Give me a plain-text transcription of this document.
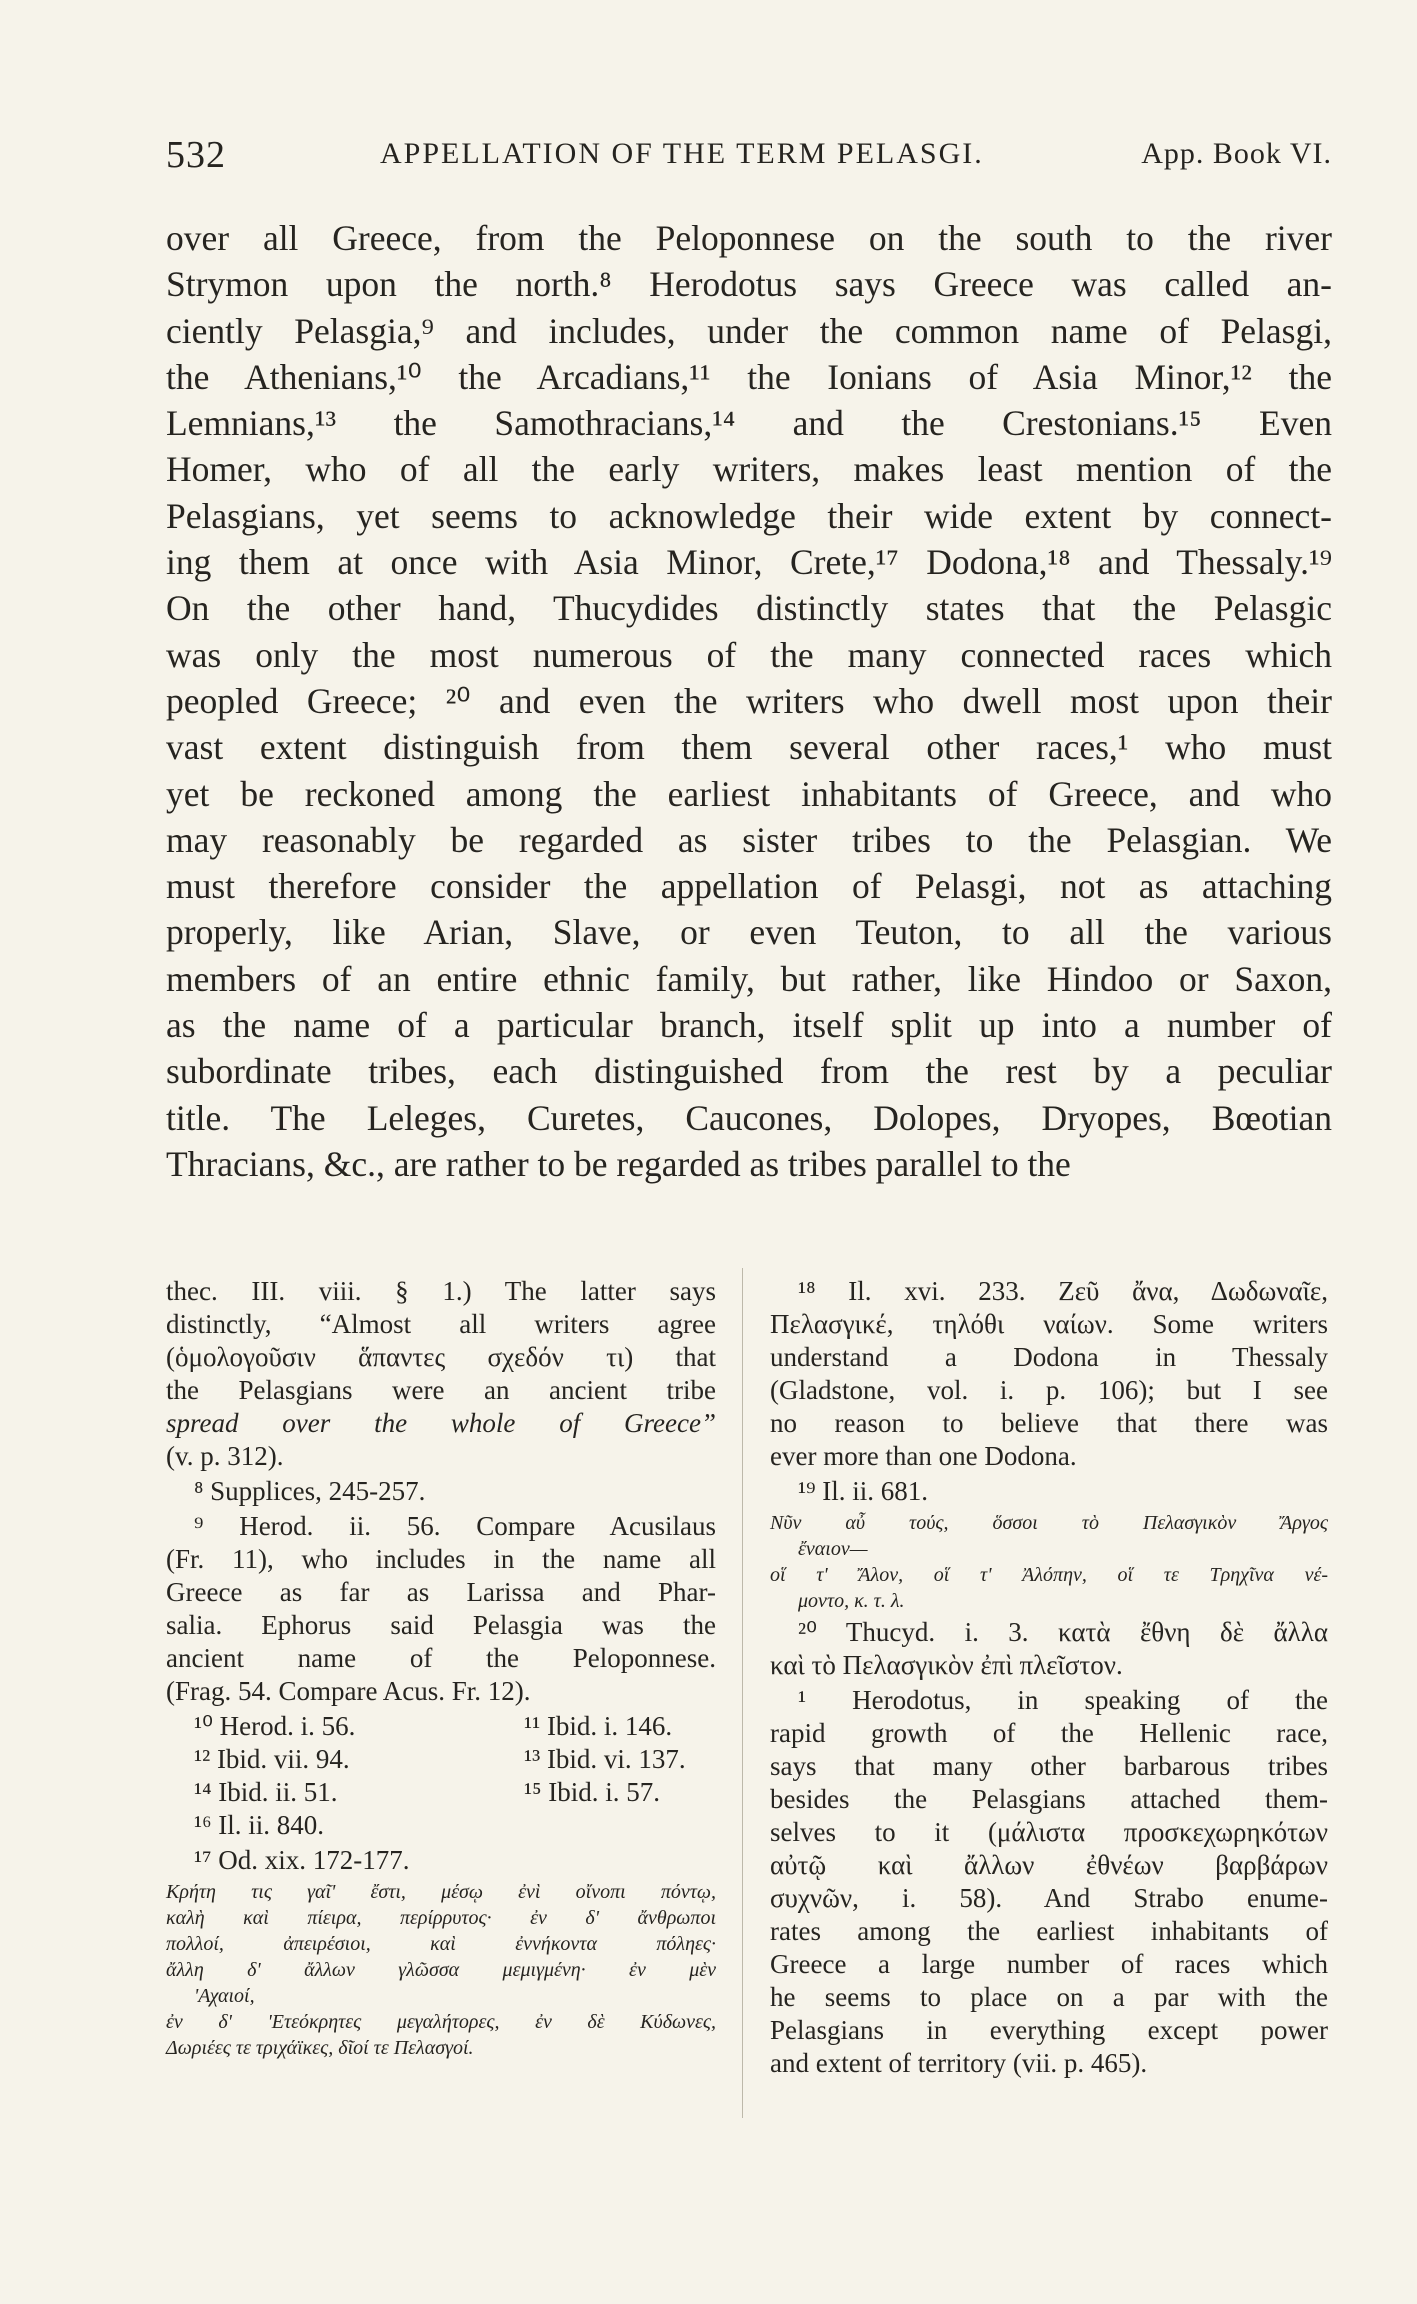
532	APPELLATION OF THE TERM PELASGI.	App. Book VI.
over all Greece, from the Peloponnese on the south to the river
Strymon upon the north.⁸ Herodotus says Greece was called an-
ciently Pelasgia,⁹ and includes, under the common name of Pelasgi,
the Athenians,¹⁰ the Arcadians,¹¹ the Ionians of Asia Minor,¹² the
Lemnians,¹³ the Samothracians,¹⁴ and the Crestonians.¹⁵ Even
Homer, who of all the early writers, makes least mention of the
Pelasgians, yet seems to acknowledge their wide extent by connect-
ing them at once with Asia Minor, Crete,¹⁷ Dodona,¹⁸ and Thessaly.¹⁹
On the other hand, Thucydides distinctly states that the Pelasgic
was only the most numerous of the many connected races which
peopled Greece; ²⁰ and even the writers who dwell most upon their
vast extent distinguish from them several other races,¹ who must
yet be reckoned among the earliest inhabitants of Greece, and who
may reasonably be regarded as sister tribes to the Pelasgian. We
must therefore consider the appellation of Pelasgi, not as attaching
properly, like Arian, Slave, or even Teuton, to all the various
members of an entire ethnic family, but rather, like Hindoo or Saxon,
as the name of a particular branch, itself split up into a number of
subordinate tribes, each distinguished from the rest by a peculiar
title. The Leleges, Curetes, Caucones, Dolopes, Dryopes, Bœotian
Thracians, &c., are rather to be regarded as tribes parallel to the
thec. III. viii. § 1.) The latter says
distinctly, “Almost all writers agree
(ὁμολογοῦσιν ἅπαντες σχεδόν τι) that
the Pelasgians were an ancient tribe
spread over the whole of Greece”
(v. p. 312).
⁸ Supplices, 245-257.
⁹ Herod. ii. 56. Compare Acusilaus
(Fr. 11), who includes in the name all
Greece as far as Larissa and Phar-
salia. Ephorus said Pelasgia was the
ancient name of the Peloponnese.
(Frag. 54. Compare Acus. Fr. 12).
¹⁰ Herod. i. 56.	¹¹ Ibid. i. 146.
¹² Ibid. vii. 94.	¹³ Ibid. vi. 137.
¹⁴ Ibid. ii. 51.	¹⁵ Ibid. i. 57.
¹⁶ Il. ii. 840.
¹⁷ Od. xix. 172-177.
Κρήτη τις γαῖ' ἔστι, μέσῳ ἐνὶ οἴνοπι πόντῳ,
καλὴ καὶ πίειρα, περίρρυτος· ἐν δ' ἄνθρωποι
πολλοί, ἀπειρέσιοι, καὶ ἐννήκοντα πόληες·
ἄλλη δ' ἄλλων γλῶσσα μεμιγμένη· ἐν μὲν
'Αχαιοί,
ἐν δ' 'Ετεόκρητες μεγαλήτορες, ἐν δὲ Κύδωνες,
Δωριέες τε τριχάϊκες, δῖοί τε Πελασγοί.
¹⁸ Il. xvi. 233. Ζεῦ ἄνα, Δωδωναῖε,
Πελασγικέ, τηλόθι ναίων. Some writers
understand a Dodona in Thessaly
(Gladstone, vol. i. p. 106); but I see
no reason to believe that there was
ever more than one Dodona.
¹⁹ Il. ii. 681.
Νῦν αὖ τούς, ὅσσοι τὸ Πελασγικὸν Ἄργος
ἔναιον—
οἵ τ' Ἄλον, οἵ τ' Ἀλόπην, οἵ τε Τρηχῖνα νέ-
μοντο, κ. τ. λ.
²⁰ Thucyd. i. 3. κατὰ ἔθνη δὲ ἄλλα
καὶ τὸ Πελασγικὸν ἐπὶ πλεῖστον.
¹ Herodotus, in speaking of the
rapid growth of the Hellenic race,
says that many other barbarous tribes
besides the Pelasgians attached them-
selves to it (μάλιστα προσκεχωρηκότων
αὐτῷ καὶ ἄλλων ἐθνέων βαρβάρων
συχνῶν, i. 58). And Strabo enume-
rates among the earliest inhabitants of
Greece a large number of races which
he seems to place on a par with the
Pelasgians in everything except power
and extent of territory (vii. p. 465).
